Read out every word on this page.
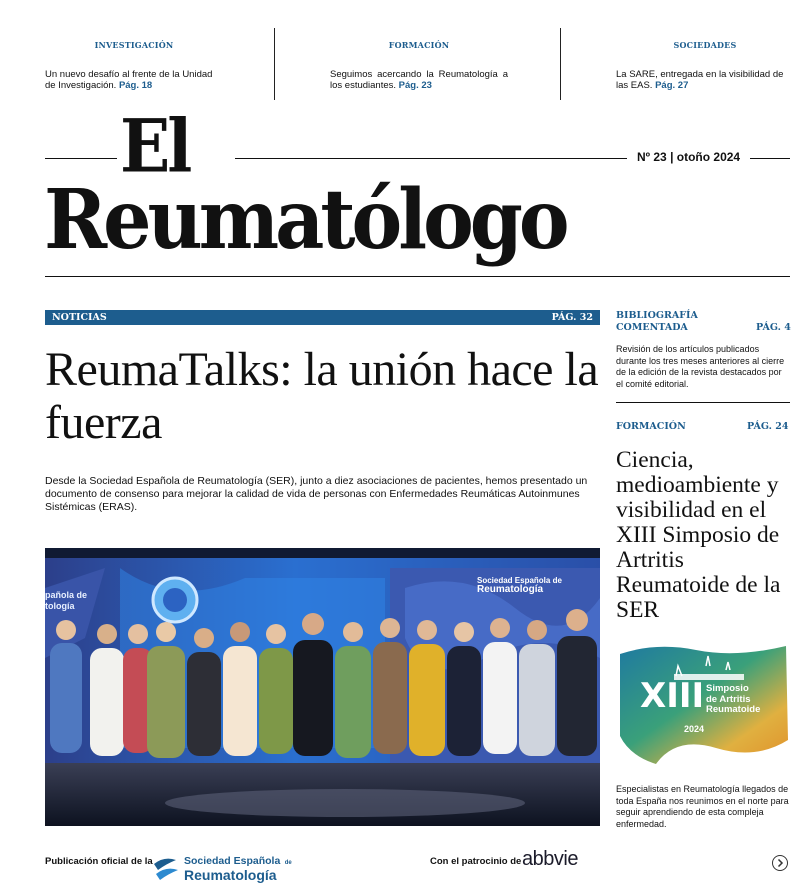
INVESTIGACIÓN
Un nuevo desafío al frente de la Unidad de Investigación. Pág. 18
FORMACIÓN
Seguimos acercando la Reumatología a los estudiantes. Pág. 23
SOCIEDADES
La SARE, entregada en la visibilidad de las EAS. Pág. 27
El	Nº 23 | otoño 2024
Reumatólogo
NOTICIAS	PÁG. 32
ReumaTalks: la unión hace la fuerza
Desde la Sociedad Española de Reumatología (SER), junto a diez asociaciones de pacientes, hemos presentado un documento de consenso para mejorar la calidad de vida de personas con Enfermedades Reumáticas Autoinmunes Sistémicas (ERAS).
Sociedad Española de
Reumatología
pañola de
tología
BIBLIOGRAFÍA COMENTADA	PÁG. 4
Revisión de los artículos publicados durante los tres meses anteriores al cierre de la edición de la revista destacados por el comité editorial.
FORMACIÓN	PÁG. 24
Ciencia, medioambiente y visibilidad en el XIII Simposio de Artritis Reumatoide de la SER
XIII Simposio
de Artritis
Reumatoide
2024
Especialistas en Reumatología llegados de toda España nos reunimos en el norte para seguir aprendiendo de esta compleja enfermedad.
Publicación oficial de la	Sociedad Española de
Reumatología
Con el patrocinio de abbvie
